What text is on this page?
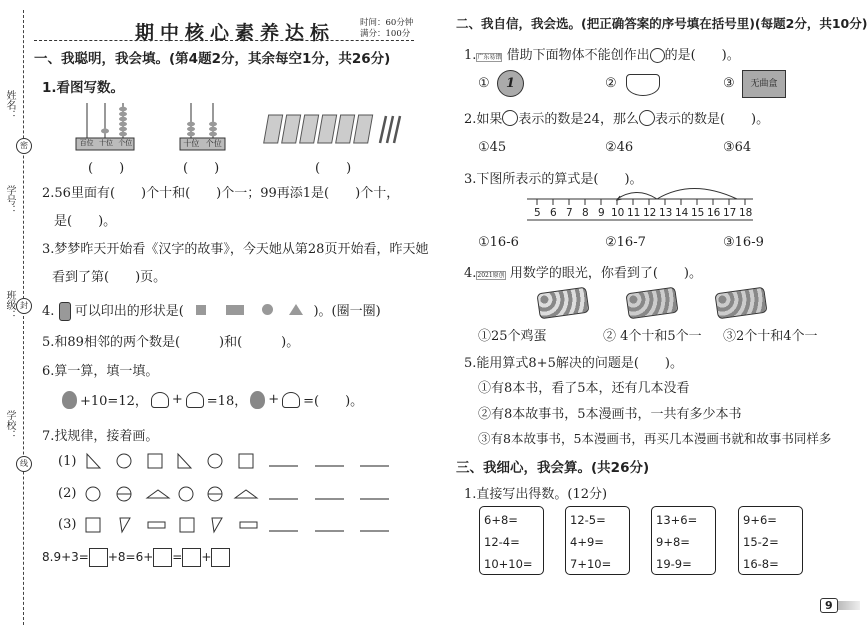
姓名：
学号：
班级：
学校：
密
封
线
期中核心素养达标	时间：60分钟
满分：100分
一、我聪明，我会填。(第4题2分，其余每空1分，共26分)
1.看图写数。
百位 十位 个位	十位 个位
(　　)	(　　)	(　　)
2.56里面有(　　)个十和(　　)个一；99再添1是(　　)个十，
是(　　)。
3.梦梦昨天开始看《汉字的故事》，今天她从第28页开始看，昨天她
看到了第(　　)页。
4. 可以印出的形状是(	)。(圈一圈)
5.和89相邻的两个数是(　　　)和(　　　)。
6.算一算，填一填。
+10=12， + =18， + =(　　)。
7.找规律，接着画。
(1)
(2)
(3)
8.9+3= +8=6+ = +
二、我自信，我会选。(把正确答案的序号填在括号里)(每题2分，共10分)
1.广东易错 借助下面物体不能创作出 的是(　　)。
①	1	②	③	无曲盒
2.如果 表示的数是24，那么 表示的数是(　　)。
①45	②46	③64
3.下图所表示的算式是(　　)。
5 6 7 8 9 10 11 12 13 14 15 16 17 18
①16-6	②16-7	③16-9
4.2021原创 用数学的眼光，你看到了(　　)。
①25个鸡蛋	② 4个十和5个一 ③2个十和4个一
5.能用算式8+5解决的问题是(　　)。
①有8本书，看了5本，还有几本没看
②有8本故事书，5本漫画书，一共有多少本书
③有8本故事书，5本漫画书，再买几本漫画书就和故事书同样多
三、我细心，我会算。(共26分)
1.直接写出得数。(12分)
6+8=
12-4=
10+10=
12-5=
4+9=
7+10=
13+6=
9+8=
19-9=
9+6=
15-2=
16-8=
9
